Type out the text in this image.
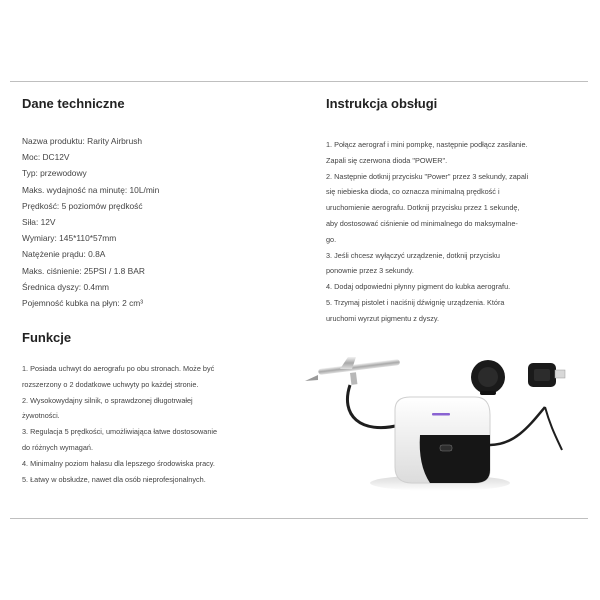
Dane techniczne
Nazwa produktu: Rarity Airbrush
Moc: DC12V
Typ: przewodowy
Maks. wydajność na minutę: 10L/min
Prędkość: 5 poziomów prędkość
Siła: 12V
Wymiary: 145*110*57mm
Natężenie prądu: 0.8A
Maks. ciśnienie: 25PSI / 1.8 BAR
Średnica dyszy: 0.4mm
Pojemność kubka na płyn: 2 cm³
Instrukcja obsługi

1. Połącz aerograf i mini pompkę, następnie podłącz zasilanie.

Zapali się czerwona dioda "POWER".

2. Następnie dotknij przycisku "Power" przez 3 sekundy, zapali

się niebieska dioda, co oznacza minimalną prędkość i

uruchomienie aerografu. Dotknij przycisku przez 1 sekundę,

aby dostosować ciśnienie od minimalnego do maksymalne-

go.

3. Jeśli chcesz wyłączyć urządzenie, dotknij przycisku

ponownie przez 3 sekundy.

4. Dodaj odpowiedni płynny pigment do kubka aerografu.

5. Trzymaj pistolet i naciśnij dźwignię urządzenia. Która

uruchomi wyrzut pigmentu z dyszy.

Funkcje

1. Posiada uchwyt do aerografu po obu stronach. Może być

rozszerzony o 2 dodatkowe uchwyty po każdej stronie.

2. Wysokowydajny silnik, o sprawdzonej długotrwałej

żywotności.

3. Regulacja 5 prędkości, umożliwiająca łatwe dostosowanie

do różnych wymagań.

4. Minimalny poziom hałasu dla lepszego środowiska pracy.

5. Łatwy w obsłudze, nawet dla osób nieprofesjonalnych.
